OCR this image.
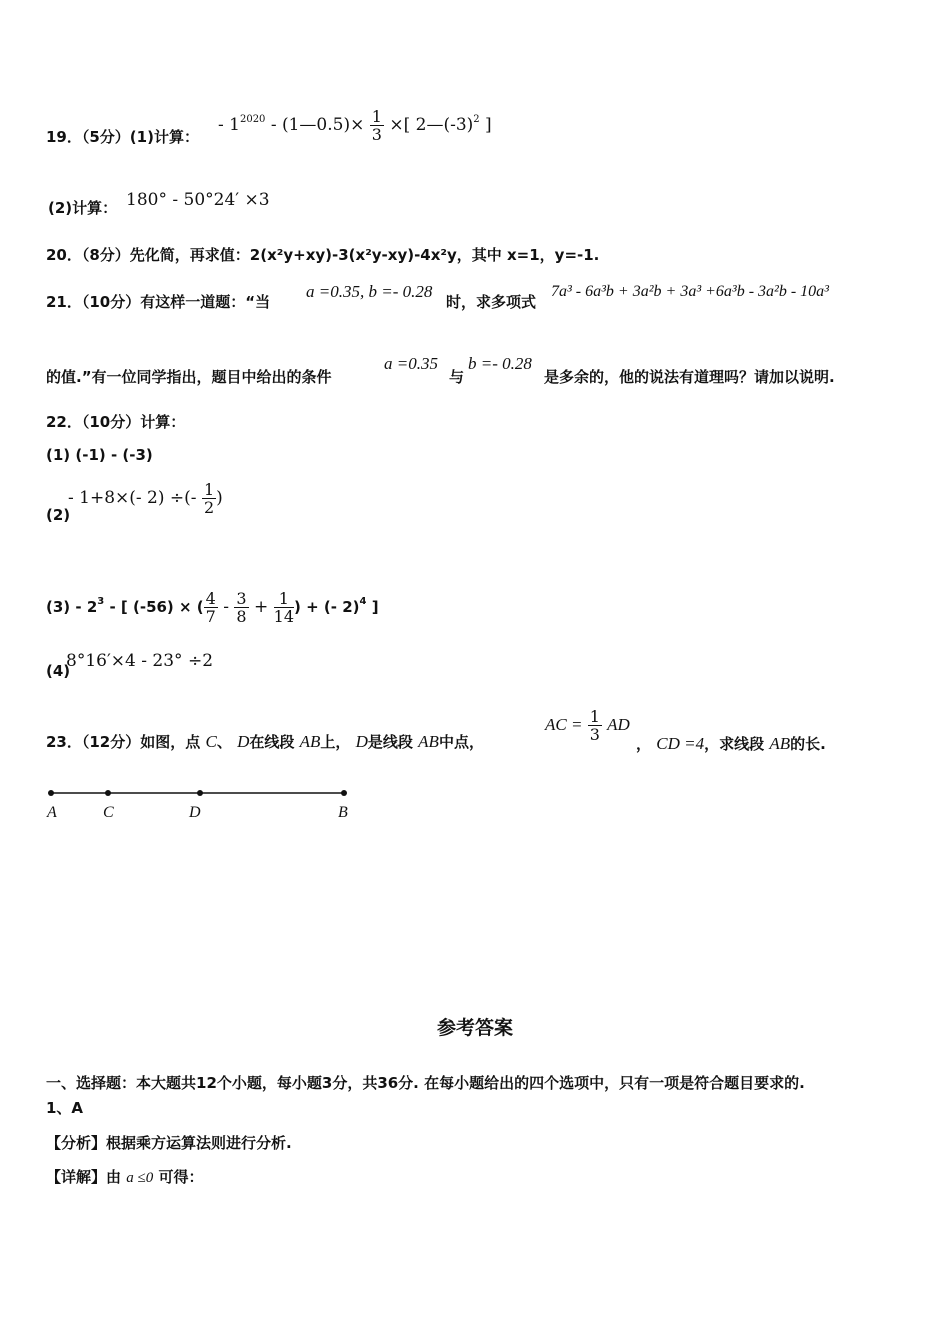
19．（5分）(1)计算：
- $1^{2020}$ - (1—0.5)× $\frac{1}{3}$ ×[ $2—(-3)^2$ ]
(2)计算： 180° - 50°24′ ×3
20．（8分）先化简，再求值：2(x²y+xy)-3(x²y-xy)-4x²y，其中 x=1，y=-1.
21．（10分）有这样一道题：“当
a =0.35, b =- 0.28
时，求多项式
7a³ - 6a³b + 3a²b + 3a³ +6a³b - 3a²b - 10a³
的值.”有一位同学指出，题目中给出的条件
a =0.35
与
b =- 0.28
是多余的，他的说法有道理吗？请加以说明.
22．（10分）计算：
(1) (-1) - (-3)
(2)
- 1+8×(- 2) ÷(- $\frac{1}{2}$ )
$(3) - 2^3$ - [ (-56) × ( $\frac{4}{7} - \frac{3}{8} + \frac{1}{14}$ ) + (- 2)$^4$ ]
(4)
8°16′×4 - 23° ÷2
23．（12分）如图，点 C、 D在线段 AB上， D是线段 AB中点，
AC = $\frac{1}{3}$ AD
， CD =4，求线段 AB的长.
A	C	D	B
参考答案
一、选择题：本大题共12个小题，每小题3分，共36分. 在每小题给出的四个选项中，只有一项是符合题目要求的.
1、A
【分析】根据乘方运算法则进行分析.
【详解】由 a ≤0 可得：
